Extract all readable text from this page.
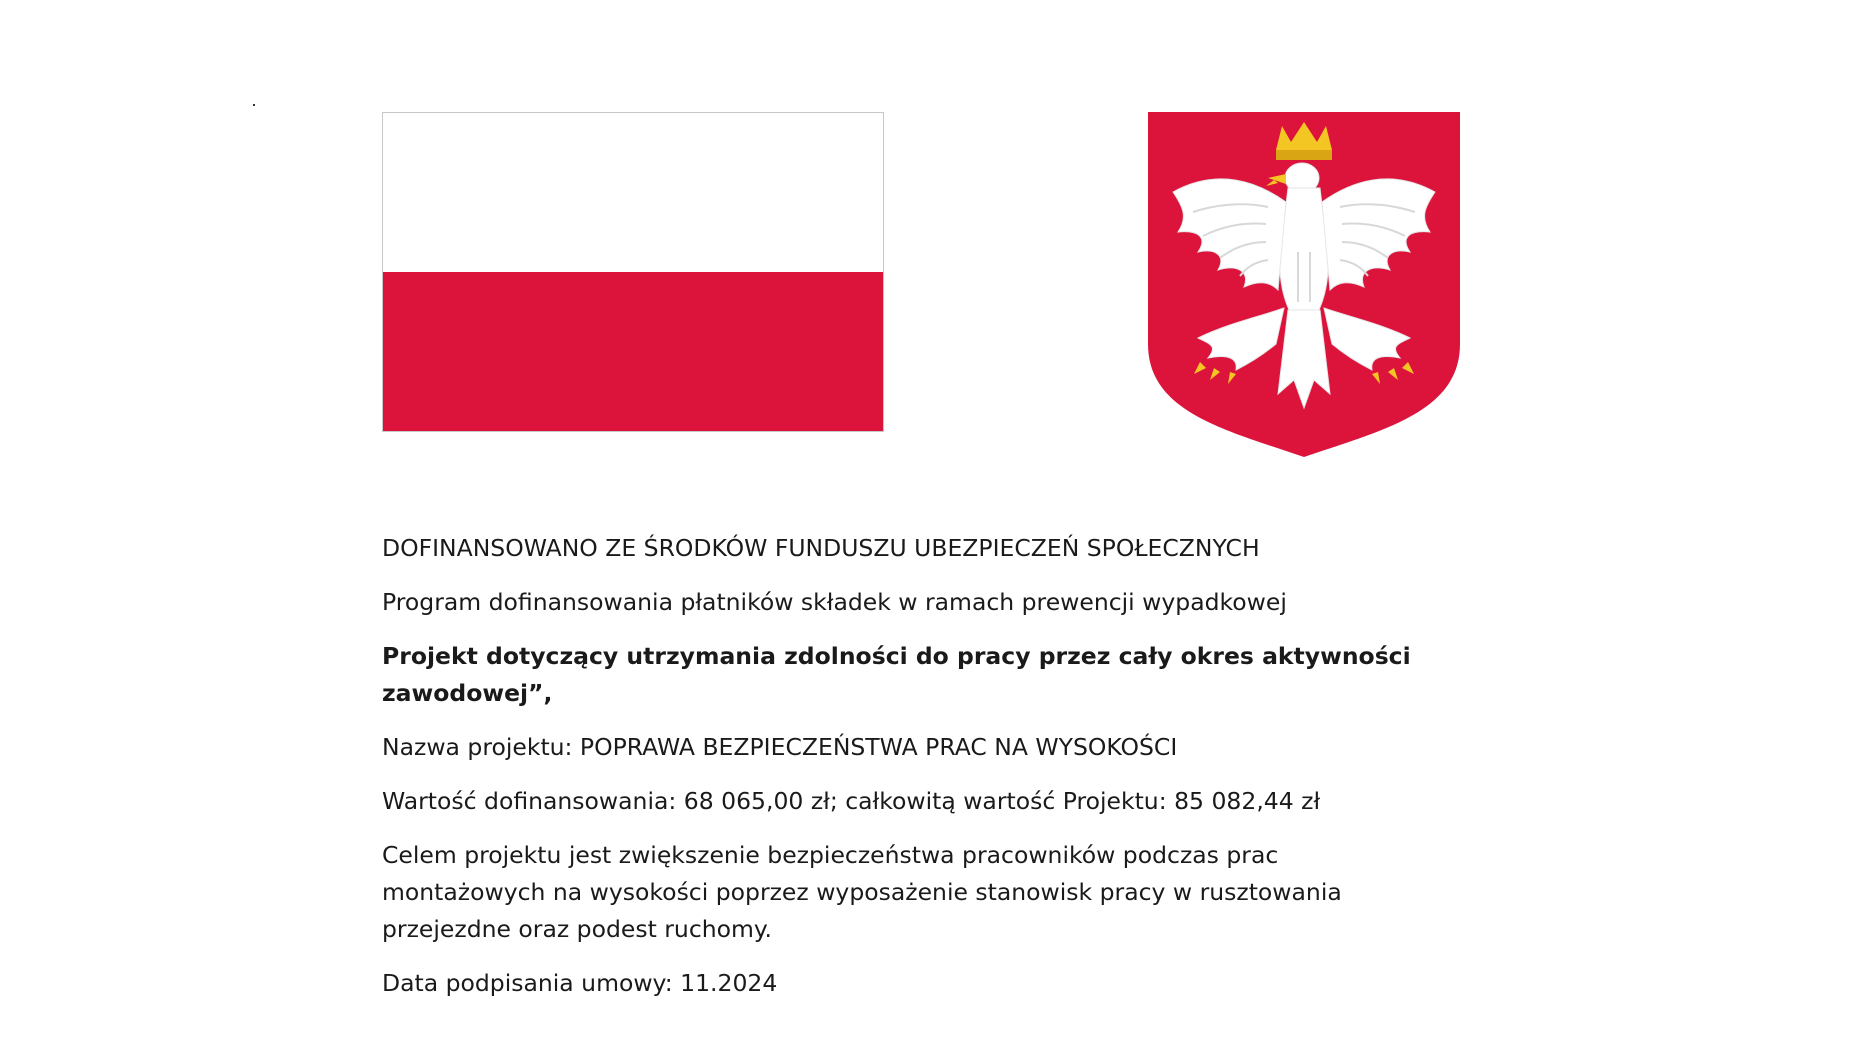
DOFINANSOWANO ZE ŚRODKÓW FUNDUSZU UBEZPIECZEŃ SPOŁECZNYCH

Program dofinansowania płatników składek w ramach prewencji wypadkowej

Projekt dotyczący utrzymania zdolności do pracy przez cały okres aktywności zawodowej”,

Nazwa projektu: POPRAWA BEZPIECZEŃSTWA PRAC NA WYSOKOŚCI

Wartość dofinansowania: 68 065,00 zł; całkowitą wartość Projektu: 85 082,44 zł

Celem projektu jest zwiększenie bezpieczeństwa pracowników podczas prac montażowych na wysokości poprzez wyposażenie stanowisk pracy w rusztowania przejezdne oraz podest ruchomy.

Data podpisania umowy: 11.2024
